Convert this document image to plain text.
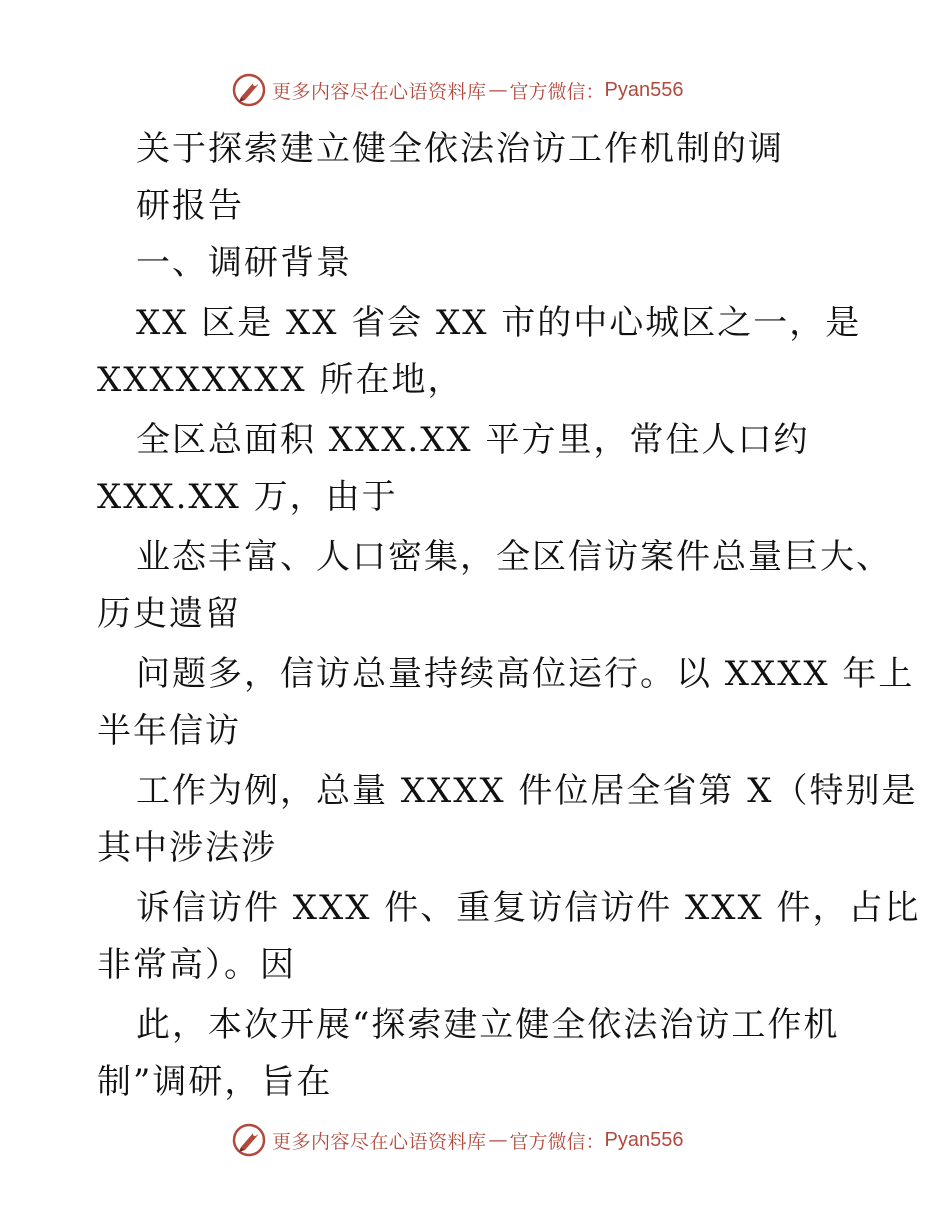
更多内容尽在心语资料库 — 官方微信： Pyan556
关于探索建立健全依法治访工作机制的调
研报告
一、调研背景
XX 区是 XX 省会 XX 市的中心城区之一，是
XXXXXXXX 所在地，
全区总面积 XXX.XX 平方里，常住人口约
XXX.XX 万，由于
业态丰富、人口密集，全区信访案件总量巨大、
历史遗留
问题多，信访总量持续高位运行。以 XXXX 年上
半年信访
工作为例，总量 XXXX 件位居全省第 X（特别是
其中涉法涉
诉信访件 XXX 件、重复访信访件 XXX 件，占比
非常高）。因
此，本次开展“探索建立健全依法治访工作机
制”调研，旨在
更多内容尽在心语资料库 — 官方微信： Pyan556
